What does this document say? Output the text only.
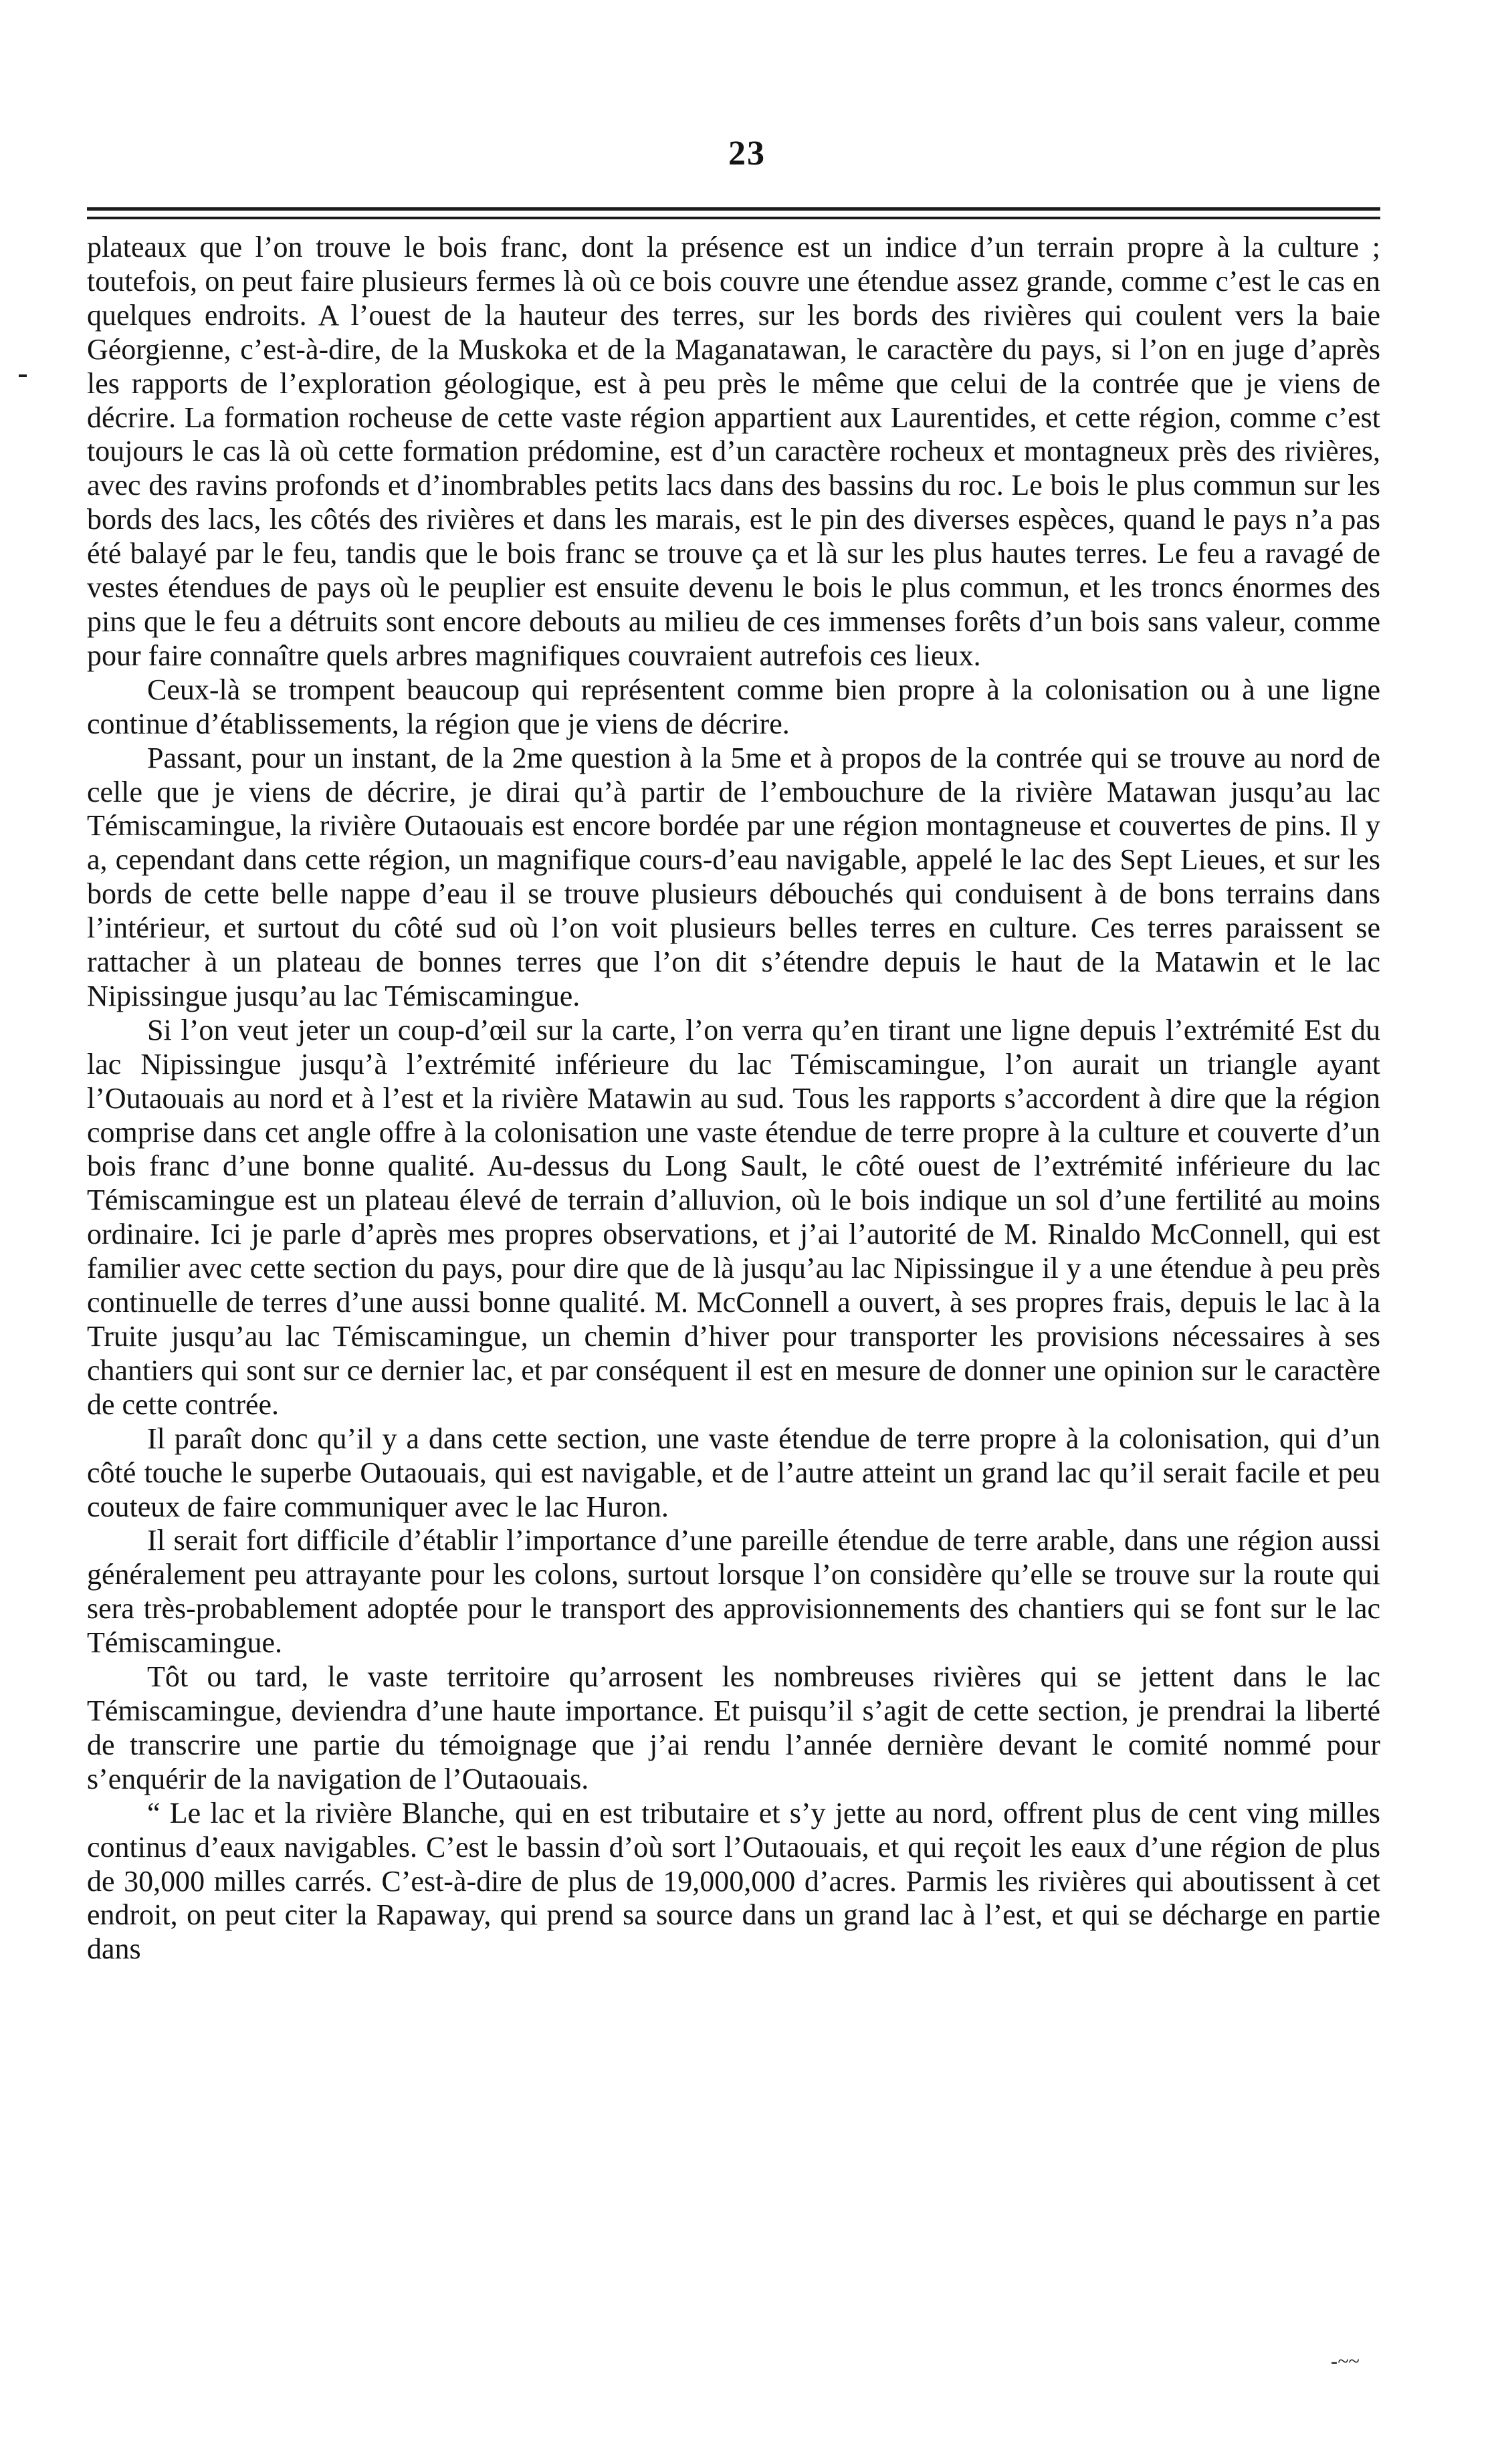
23

plateaux que l’on trouve le bois franc, dont la présence est un indice d’un terrain propre à la culture ; toutefois, on peut faire plusieurs fermes là où ce bois couvre une étendue assez grande, comme c’est le cas en quelques endroits. A l’ouest de la hauteur des terres, sur les bords des rivières qui coulent vers la baie Géorgienne, c’est-à-dire, de la Muskoka et de la Maganatawan, le caractère du pays, si l’on en juge d’après les rapports de l’exploration géologique, est à peu près le même que celui de la contrée que je viens de décrire. La formation rocheuse de cette vaste région appartient aux Laurentides, et cette région, comme c’est toujours le cas là où cette formation prédomine, est d’un caractère rocheux et montagneux près des rivières, avec des ravins profonds et d’inombrables petits lacs dans des bassins du roc. Le bois le plus commun sur les bords des lacs, les côtés des rivières et dans les marais, est le pin des diverses espèces, quand le pays n’a pas été balayé par le feu, tandis que le bois franc se trouve ça et là sur les plus hautes terres. Le feu a ravagé de vestes étendues de pays où le peuplier est ensuite devenu le bois le plus commun, et les troncs énormes des pins que le feu a détruits sont encore debouts au milieu de ces immenses forêts d’un bois sans valeur, comme pour faire connaître quels arbres magnifiques couvraient autrefois ces lieux.

Ceux-là se trompent beaucoup qui représentent comme bien propre à la colonisation ou à une ligne continue d’établissements, la région que je viens de décrire.

Passant, pour un instant, de la 2me question à la 5me et à propos de la contrée qui se trouve au nord de celle que je viens de décrire, je dirai qu’à partir de l’embouchure de la rivière Matawan jusqu’au lac Témiscamingue, la rivière Outaouais est encore bordée par une région montagneuse et couvertes de pins. Il y a, cependant dans cette région, un magnifique cours-d’eau navigable, appelé le lac des Sept Lieues, et sur les bords de cette belle nappe d’eau il se trouve plusieurs débouchés qui conduisent à de bons terrains dans l’intérieur, et surtout du côté sud où l’on voit plusieurs belles terres en culture. Ces terres paraissent se rattacher à un plateau de bonnes terres que l’on dit s’étendre depuis le haut de la Matawin et le lac Nipissingue jusqu’au lac Témiscamingue.

Si l’on veut jeter un coup-d’œil sur la carte, l’on verra qu’en tirant une ligne depuis l’extrémité Est du lac Nipissingue jusqu’à l’extrémité inférieure du lac Témiscamingue, l’on aurait un triangle ayant l’Outaouais au nord et à l’est et la rivière Matawin au sud. Tous les rapports s’accordent à dire que la région comprise dans cet angle offre à la colonisation une vaste étendue de terre propre à la culture et couverte d’un bois franc d’une bonne qualité. Au-dessus du Long Sault, le côté ouest de l’extrémité inférieure du lac Témiscamingue est un plateau élevé de terrain d’alluvion, où le bois indique un sol d’une fertilité au moins ordinaire. Ici je parle d’après mes propres observations, et j’ai l’autorité de M. Rinaldo McConnell, qui est familier avec cette section du pays, pour dire que de là jusqu’au lac Nipissingue il y a une étendue à peu près continuelle de terres d’une aussi bonne qualité. M. McConnell a ouvert, à ses propres frais, depuis le lac à la Truite jusqu’au lac Témiscamingue, un chemin d’hiver pour transporter les provisions nécessaires à ses chantiers qui sont sur ce dernier lac, et par conséquent il est en mesure de donner une opinion sur le caractère de cette contrée.

Il paraît donc qu’il y a dans cette section, une vaste étendue de terre propre à la colonisation, qui d’un côté touche le superbe Outaouais, qui est navigable, et de l’autre atteint un grand lac qu’il serait facile et peu couteux de faire communiquer avec le lac Huron.

Il serait fort difficile d’établir l’importance d’une pareille étendue de terre arable, dans une région aussi généralement peu attrayante pour les colons, surtout lorsque l’on considère qu’elle se trouve sur la route qui sera très-probablement adoptée pour le transport des approvisionnements des chantiers qui se font sur le lac Témiscamingue.

Tôt ou tard, le vaste territoire qu’arrosent les nombreuses rivières qui se jettent dans le lac Témiscamingue, deviendra d’une haute importance. Et puisqu’il s’agit de cette section, je prendrai la liberté de transcrire une partie du témoignage que j’ai rendu l’année dernière devant le comité nommé pour s’enquérir de la navigation de l’Outaouais.

“ Le lac et la rivière Blanche, qui en est tributaire et s’y jette au nord, offrent plus de cent ving milles continus d’eaux navigables. C’est le bassin d’où sort l’Outaouais, et qui reçoit les eaux d’une région de plus de 30,000 milles carrés. C’est-à-dire de plus de 19,000,000 d’acres. Parmis les rivières qui aboutissent à cet endroit, on peut citer la Rapaway, qui prend sa source dans un grand lac à l’est, et qui se décharge en partie dans

-~~
